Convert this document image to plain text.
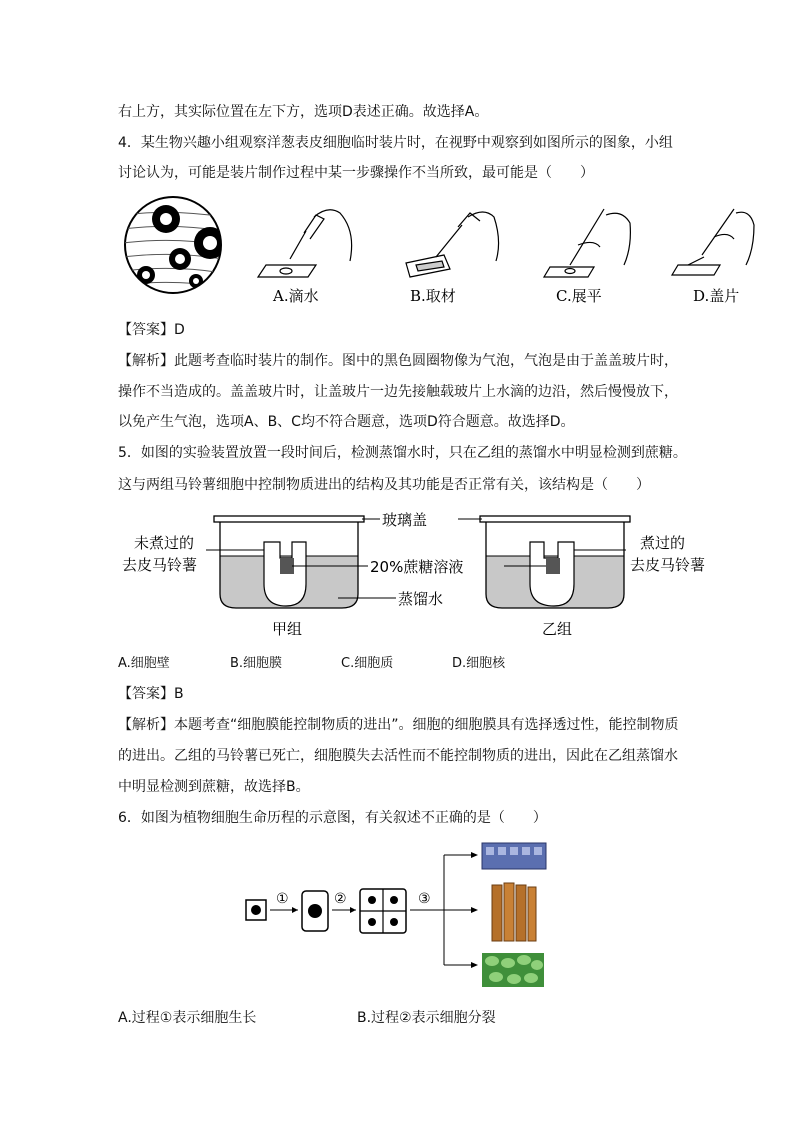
右上方，其实际位置在左下方，选项D表述正确。故选择A。
4．某生物兴趣小组观察洋葱表皮细胞临时装片时，在视野中观察到如图所示的图象，小组
讨论认为，可能是装片制作过程中某一步骤操作不当所致，最可能是（　　）
A.滴水	B.取材	C.展平	D.盖片
【答案】D
【解析】此题考查临时装片的制作。图中的黑色圆圈物像为气泡，气泡是由于盖盖玻片时，
操作不当造成的。盖盖玻片时，让盖玻片一边先接触载玻片上水滴的边沿，然后慢慢放下，
以免产生气泡，选项A、B、C均不符合题意，选项D符合题意。故选择D。
5．如图的实验装置放置一段时间后，检测蒸馏水时，只在乙组的蒸馏水中明显检测到蔗糖。
这与两组马铃薯细胞中控制物质进出的结构及其功能是否正常有关，该结构是（　　）
玻璃盖
未煮过的
去皮马铃薯	20%蔗糖溶液
蒸馏水
煮过的
去皮马铃薯
甲组	乙组
A.细胞壁	B.细胞膜	C.细胞质	D.细胞核
【答案】B
【解析】本题考查“细胞膜能控制物质的进出”。细胞的细胞膜具有选择透过性，能控制物质
的进出。乙组的马铃薯已死亡，细胞膜失去活性而不能控制物质的进出，因此在乙组蒸馏水
中明显检测到蔗糖，故选择B。
6．如图为植物细胞生命历程的示意图，有关叙述不正确的是（　　）
①	②	③
A.过程①表示细胞生长	B.过程②表示细胞分裂
